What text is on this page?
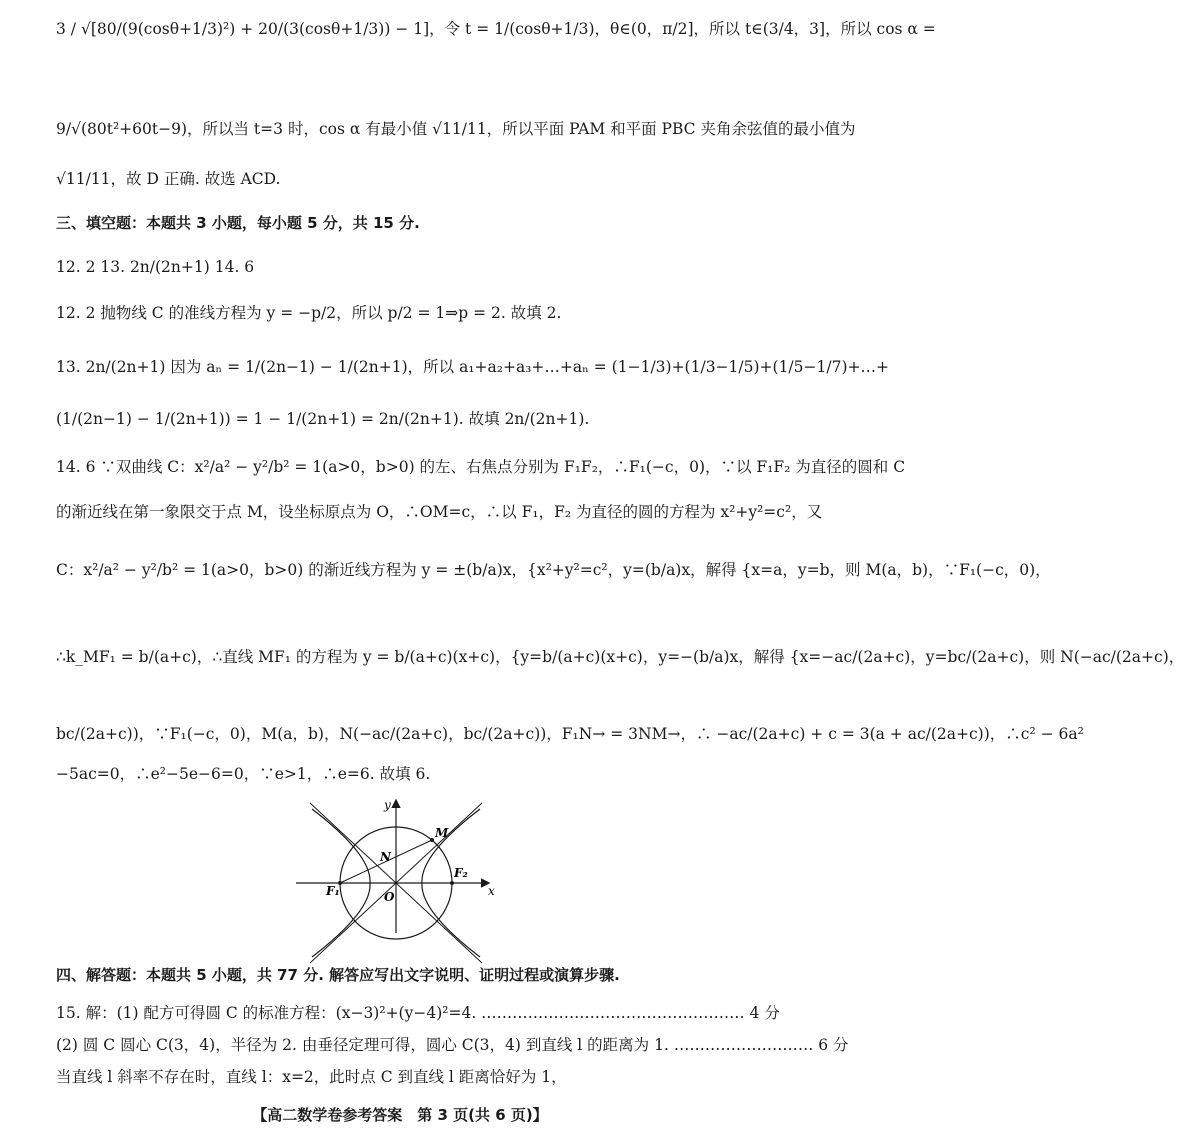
3 / √[80/(9(cosθ+1/3)²) + 20/(3(cosθ+1/3)) − 1]，令 t = 1/(cosθ+1/3)，θ∈(0，π/2]，所以 t∈(3/4，3]，所以 cos α =
9/√(80t²+60t−9)，所以当 t=3 时，cos α 有最小值 √11/11，所以平面 PAM 和平面 PBC 夹角余弦值的最小值为
√11/11，故 D 正确. 故选 ACD.
三、填空题：本题共 3 小题，每小题 5 分，共 15 分.
12. 2 13. 2n/(2n+1) 14. 6
12. 2 抛物线 C 的准线方程为 y = −p/2，所以 p/2 = 1⇒p = 2. 故填 2.
13. 2n/(2n+1) 因为 aₙ = 1/(2n−1) − 1/(2n+1)，所以 a₁+a₂+a₃+…+aₙ = (1−1/3)+(1/3−1/5)+(1/5−1/7)+…+
(1/(2n−1) − 1/(2n+1)) = 1 − 1/(2n+1) = 2n/(2n+1). 故填 2n/(2n+1).
14. 6 ∵双曲线 C：x²/a² − y²/b² = 1(a>0，b>0) 的左、右焦点分别为 F₁F₂，∴F₁(−c，0)，∵以 F₁F₂ 为直径的圆和 C
的渐近线在第一象限交于点 M，设坐标原点为 O，∴OM=c，∴以 F₁，F₂ 为直径的圆的方程为 x²+y²=c²，又
C：x²/a² − y²/b² = 1(a>0，b>0) 的渐近线方程为 y = ±(b/a)x，{x²+y²=c²，y=(b/a)x，解得 {x=a，y=b，则 M(a，b)，∵F₁(−c，0)，
∴k_MF₁ = b/(a+c)，∴直线 MF₁ 的方程为 y = b/(a+c)(x+c)，{y=b/(a+c)(x+c)，y=−(b/a)x，解得 {x=−ac/(2a+c)，y=bc/(2a+c)，则 N(−ac/(2a+c)，
bc/(2a+c))，∵F₁(−c，0)，M(a，b)，N(−ac/(2a+c)，bc/(2a+c))，F₁N→ = 3NM→，∴ −ac/(2a+c) + c = 3(a + ac/(2a+c))，∴c² − 6a²
−5ac=0，∴e²−5e−6=0，∵e>1，∴e=6. 故填 6.
y
x
M
N
O
F₁
F₂
四、解答题：本题共 5 小题，共 77 分. 解答应写出文字说明、证明过程或演算步骤.
15. 解：(1) 配方可得圆 C 的标准方程：(x−3)²+(y−4)²=4. …………………………………………… 4 分
(2) 圆 C 圆心 C(3，4)，半径为 2. 由垂径定理可得，圆心 C(3，4) 到直线 l 的距离为 1. ……………………… 6 分
当直线 l 斜率不存在时，直线 l：x=2，此时点 C 到直线 l 距离恰好为 1，
【高二数学卷参考答案　第 3 页(共 6 页)】
